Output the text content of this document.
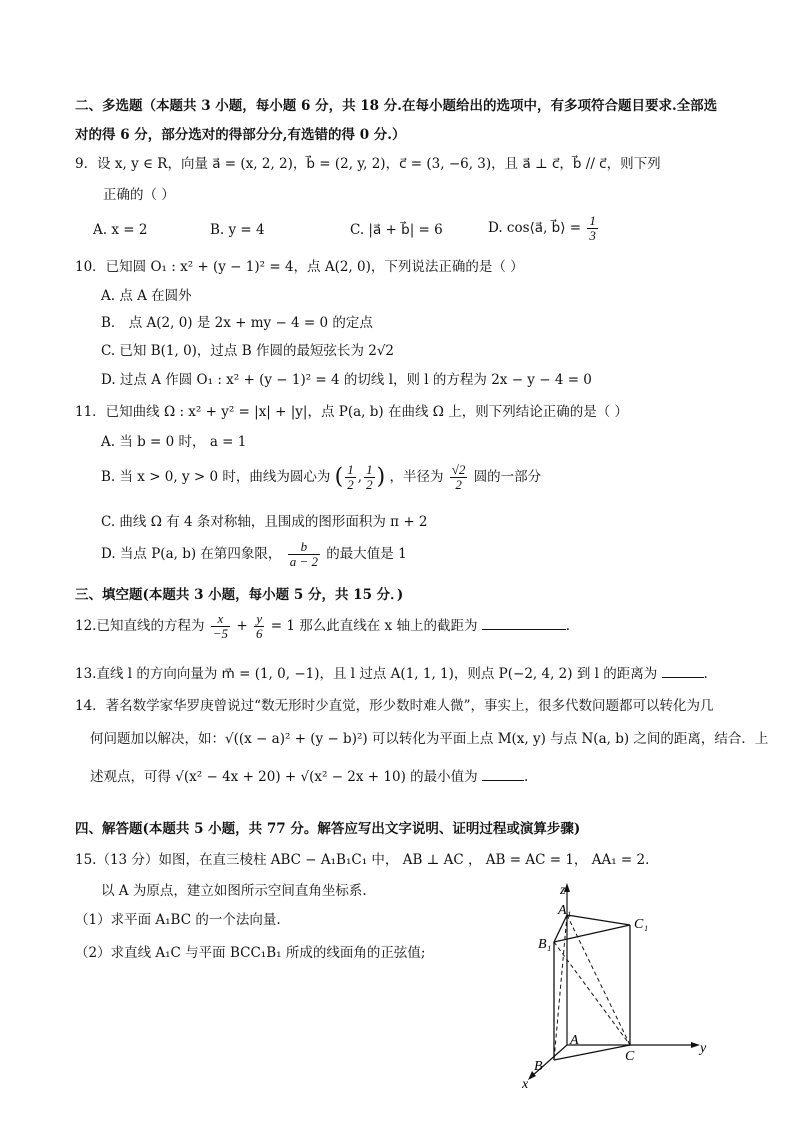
二、多选题（本题共 3 小题，每小题 6 分，共 18 分.在每小题给出的选项中，有多项符合题目要求.全部选
对的得 6 分，部分选对的得部分分,有选错的得 0 分.）
9．设 x, y ∈ R，向量 a⃗ = (x, 2, 2)，b⃗ = (2, y, 2)，c⃗ = (3, −6, 3)，且 a⃗ ⊥ c⃗，b⃗ // c⃗，则下列
正确的（ ）
A. x = 2	B. y = 4	C. |a⃗ + b⃗| = 6	D. cos⟨a⃗, b⃗⟩ = $\frac{1}{3}$
10．已知圆 O₁ : x² + (y − 1)² = 4，点 A(2, 0)，下列说法正确的是（ ）
A. 点 A 在圆外
B． 点 A(2, 0) 是 2x + my − 4 = 0 的定点
C. 已知 B(1, 0)，过点 B 作圆的最短弦长为 2√2
D. 过点 A 作圆 O₁ : x² + (y − 1)² = 4 的切线 l，则 l 的方程为 2x − y − 4 = 0
11．已知曲线 Ω : x² + y² = |x| + |y|，点 P(a, b) 在曲线 Ω 上，则下列结论正确的是（ ）
A. 当 b = 0 时， a = 1
B. 当 x > 0, y > 0 时，曲线为圆心为 ( $\frac{1}{2}$ , $\frac{1}{2}$ ) ，半径为 $\frac{√2}{2}$ 圆的一部分
C. 曲线 Ω 有 4 条对称轴，且围成的图形面积为 π + 2
D. 当点 P(a, b) 在第四象限， $\frac{b}{a - 2}$ 的最大值是 1
三、填空题(本题共 3 小题，每小题 5 分，共 15 分．)
12.已知直线的方程为 $\frac{x}{-5} + \frac{y}{6} = 1$ 那么此直线在 x 轴上的截距为	.
13.直线 l 的方向向量为 m⃗ = (1, 0, −1)，且 l 过点 A(1, 1, 1)，则点 P(−2, 4, 2) 到 l 的距离为	.
14．著名数学家华罗庚曾说过“数无形时少直觉，形少数时难人微”，事实上，很多代数问题都可以转化为几
何问题加以解决，如：√((x − a)² + (y − b)²) 可以转化为平面上点 M(x, y) 与点 N(a, b) 之间的距离，结合．上
述观点，可得 √(x² − 4x + 20) + √(x² − 2x + 10) 的最小值为	.
四、解答题(本题共 5 小题，共 77 分。解答应写出文字说明、证明过程或演算步骤)
15.（13 分）如图，在直三棱柱 ABC − A₁B₁C₁ 中， AB ⊥ AC ， AB = AC = 1， AA₁ = 2．
以 A 为原点，建立如图所示空间直角坐标系.
（1）求平面 A₁BC 的一个法向量.
（2）求直线 A₁C 与平面 BCC₁B₁ 所成的线面角的正弦值;
z
A₁
C₁
B₁
A
C
y
B
x
